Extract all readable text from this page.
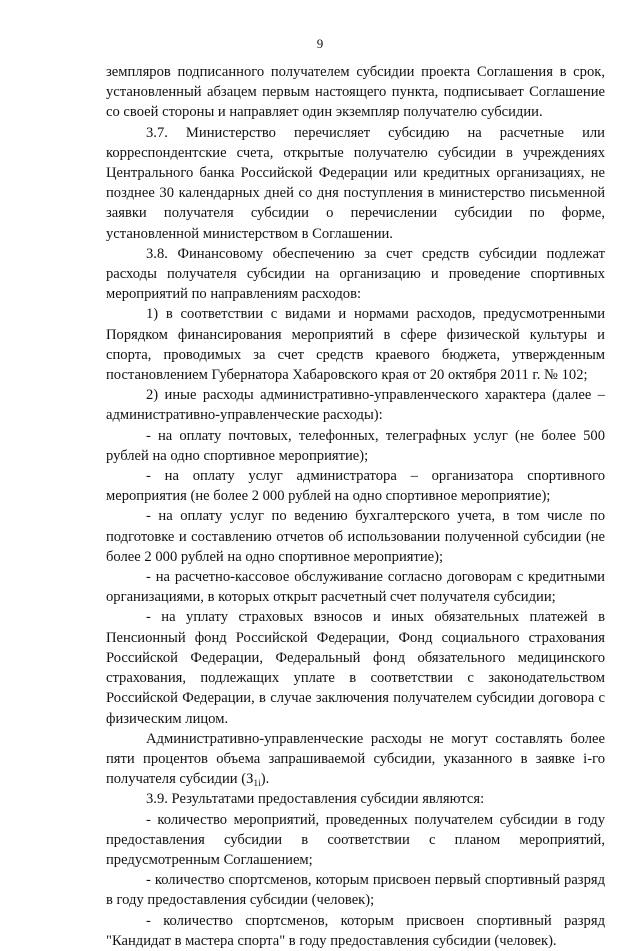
9

земпляров подписанного получателем субсидии проекта Соглашения в срок, установленный абзацем первым настоящего пункта, подписывает Соглашение со своей стороны и направляет один экземпляр получателю субсидии.

3.7. Министерство перечисляет субсидию на расчетные или корреспондентские счета, открытые получателю субсидии в учреждениях Центрального банка Российской Федерации или кредитных организациях, не позднее 30 календарных дней со дня поступления в министерство письменной заявки получателя субсидии о перечислении субсидии по форме, установленной министерством в Соглашении.

3.8. Финансовому обеспечению за счет средств субсидии подлежат расходы получателя субсидии на организацию и проведение спортивных мероприятий по направлениям расходов:

1) в соответствии с видами и нормами расходов, предусмотренными Порядком финансирования мероприятий в сфере физической культуры и спорта, проводимых за счет средств краевого бюджета, утвержденным постановлением Губернатора Хабаровского края от 20 октября 2011 г. № 102;

2) иные расходы административно-управленческого характера (далее – административно-управленческие расходы):

- на оплату почтовых, телефонных, телеграфных услуг (не более 500 рублей на одно спортивное мероприятие);

- на оплату услуг администратора – организатора спортивного мероприятия (не более 2 000 рублей на одно спортивное мероприятие);

- на оплату услуг по ведению бухгалтерского учета, в том числе по подготовке и составлению отчетов об использовании полученной субсидии (не более 2 000 рублей на одно спортивное мероприятие);

- на расчетно-кассовое обслуживание согласно договорам с кредитными организациями, в которых открыт расчетный счет получателя субсидии;

- на уплату страховых взносов и иных обязательных платежей в Пенсионный фонд Российской Федерации, Фонд социального страхования Российской Федерации, Федеральный фонд обязательного медицинского страхования, подлежащих уплате в соответствии с законодательством Российской Федерации, в случае заключения получателем субсидии договора с физическим лицом.

Административно-управленческие расходы не могут составлять более пяти процентов объема запрашиваемой субсидии, указанного в заявке i-го получателя субсидии $(З_{1i})$.

3.9. Результатами предоставления субсидии являются:

- количество мероприятий, проведенных получателем субсидии в году предоставления субсидии в соответствии с планом мероприятий, предусмотренным Соглашением;

- количество спортсменов, которым присвоен первый спортивный разряд в году предоставления субсидии (человек);

- количество спортсменов, которым присвоен спортивный разряд "Кандидат в мастера спорта" в году предоставления субсидии (человек).
